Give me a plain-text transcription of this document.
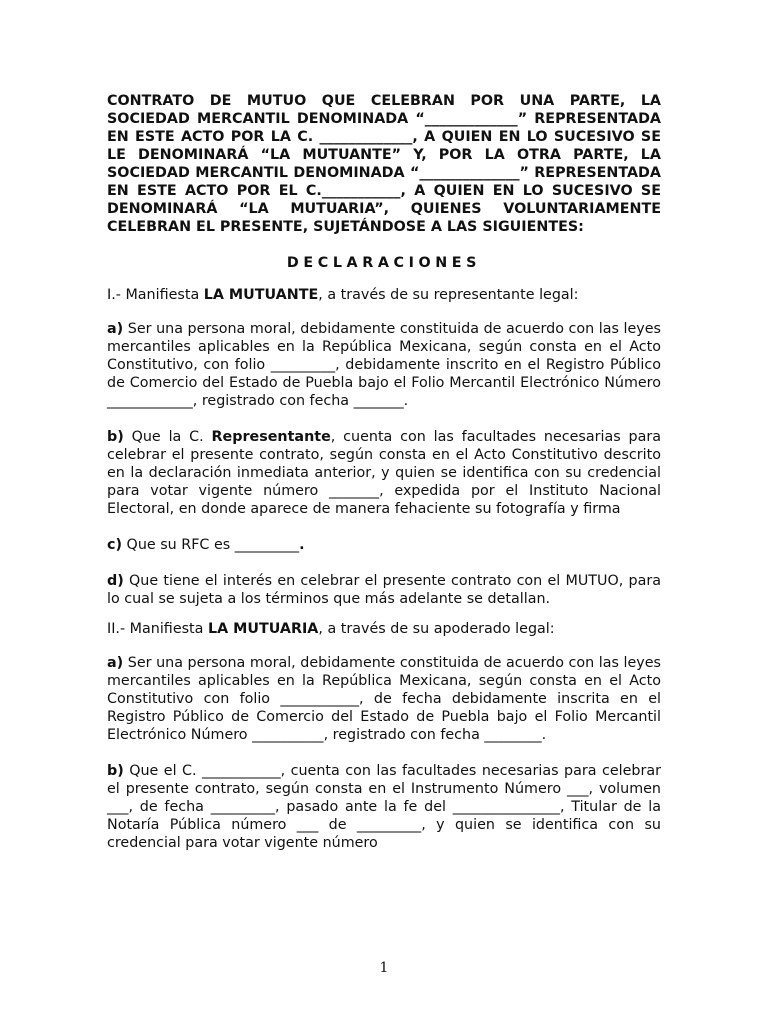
CONTRATO DE MUTUO QUE CELEBRAN POR UNA PARTE, LA SOCIEDAD MERCANTIL DENOMINADA “_____________” REPRESENTADA EN ESTE ACTO POR LA C. _____________, A QUIEN EN LO SUCESIVO SE LE DENOMINARÁ “LA MUTUANTE” Y, POR LA OTRA PARTE, LA SOCIEDAD MERCANTIL DENOMINADA “______________” REPRESENTADA EN ESTE ACTO POR EL C.___________, A QUIEN EN LO SUCESIVO SE DENOMINARÁ “LA MUTUARIA”, QUIENES VOLUNTARIAMENTE CELEBRAN EL PRESENTE, SUJETÁNDOSE A LAS SIGUIENTES:

DECLARACIONES

I.- Manifiesta LA MUTUANTE, a través de su representante legal:

a) Ser una persona moral, debidamente constituida de acuerdo con las leyes mercantiles aplicables en la República Mexicana, según consta en el Acto Constitutivo, con folio _________, debidamente inscrito en el Registro Público de Comercio del Estado de Puebla bajo el Folio Mercantil Electrónico Número ____________, registrado con fecha _______.

b) Que la C. Representante, cuenta con las facultades necesarias para celebrar el presente contrato, según consta en el Acto Constitutivo descrito en la declaración inmediata anterior, y quien se identifica con su credencial para votar vigente número _______, expedida por el Instituto Nacional Electoral, en donde aparece de manera fehaciente su fotografía y firma

c) Que su RFC es _________.

d) Que tiene el interés en celebrar el presente contrato con el MUTUO, para lo cual se sujeta a los términos que más adelante se detallan.

II.- Manifiesta LA MUTUARIA, a través de su apoderado legal:

a) Ser una persona moral, debidamente constituida de acuerdo con las leyes mercantiles aplicables en la República Mexicana, según consta en el Acto Constitutivo con folio ___________, de fecha debidamente inscrita en el Registro Público de Comercio del Estado de Puebla bajo el Folio Mercantil Electrónico Número __________, registrado con fecha ________.

b) Que el C. ___________, cuenta con las facultades necesarias para celebrar el presente contrato, según consta en el Instrumento Número ___, volumen ___, de fecha _________, pasado ante la fe del _______________, Titular de la Notaría Pública número ___ de _________, y quien se identifica con su credencial para votar vigente número

1
